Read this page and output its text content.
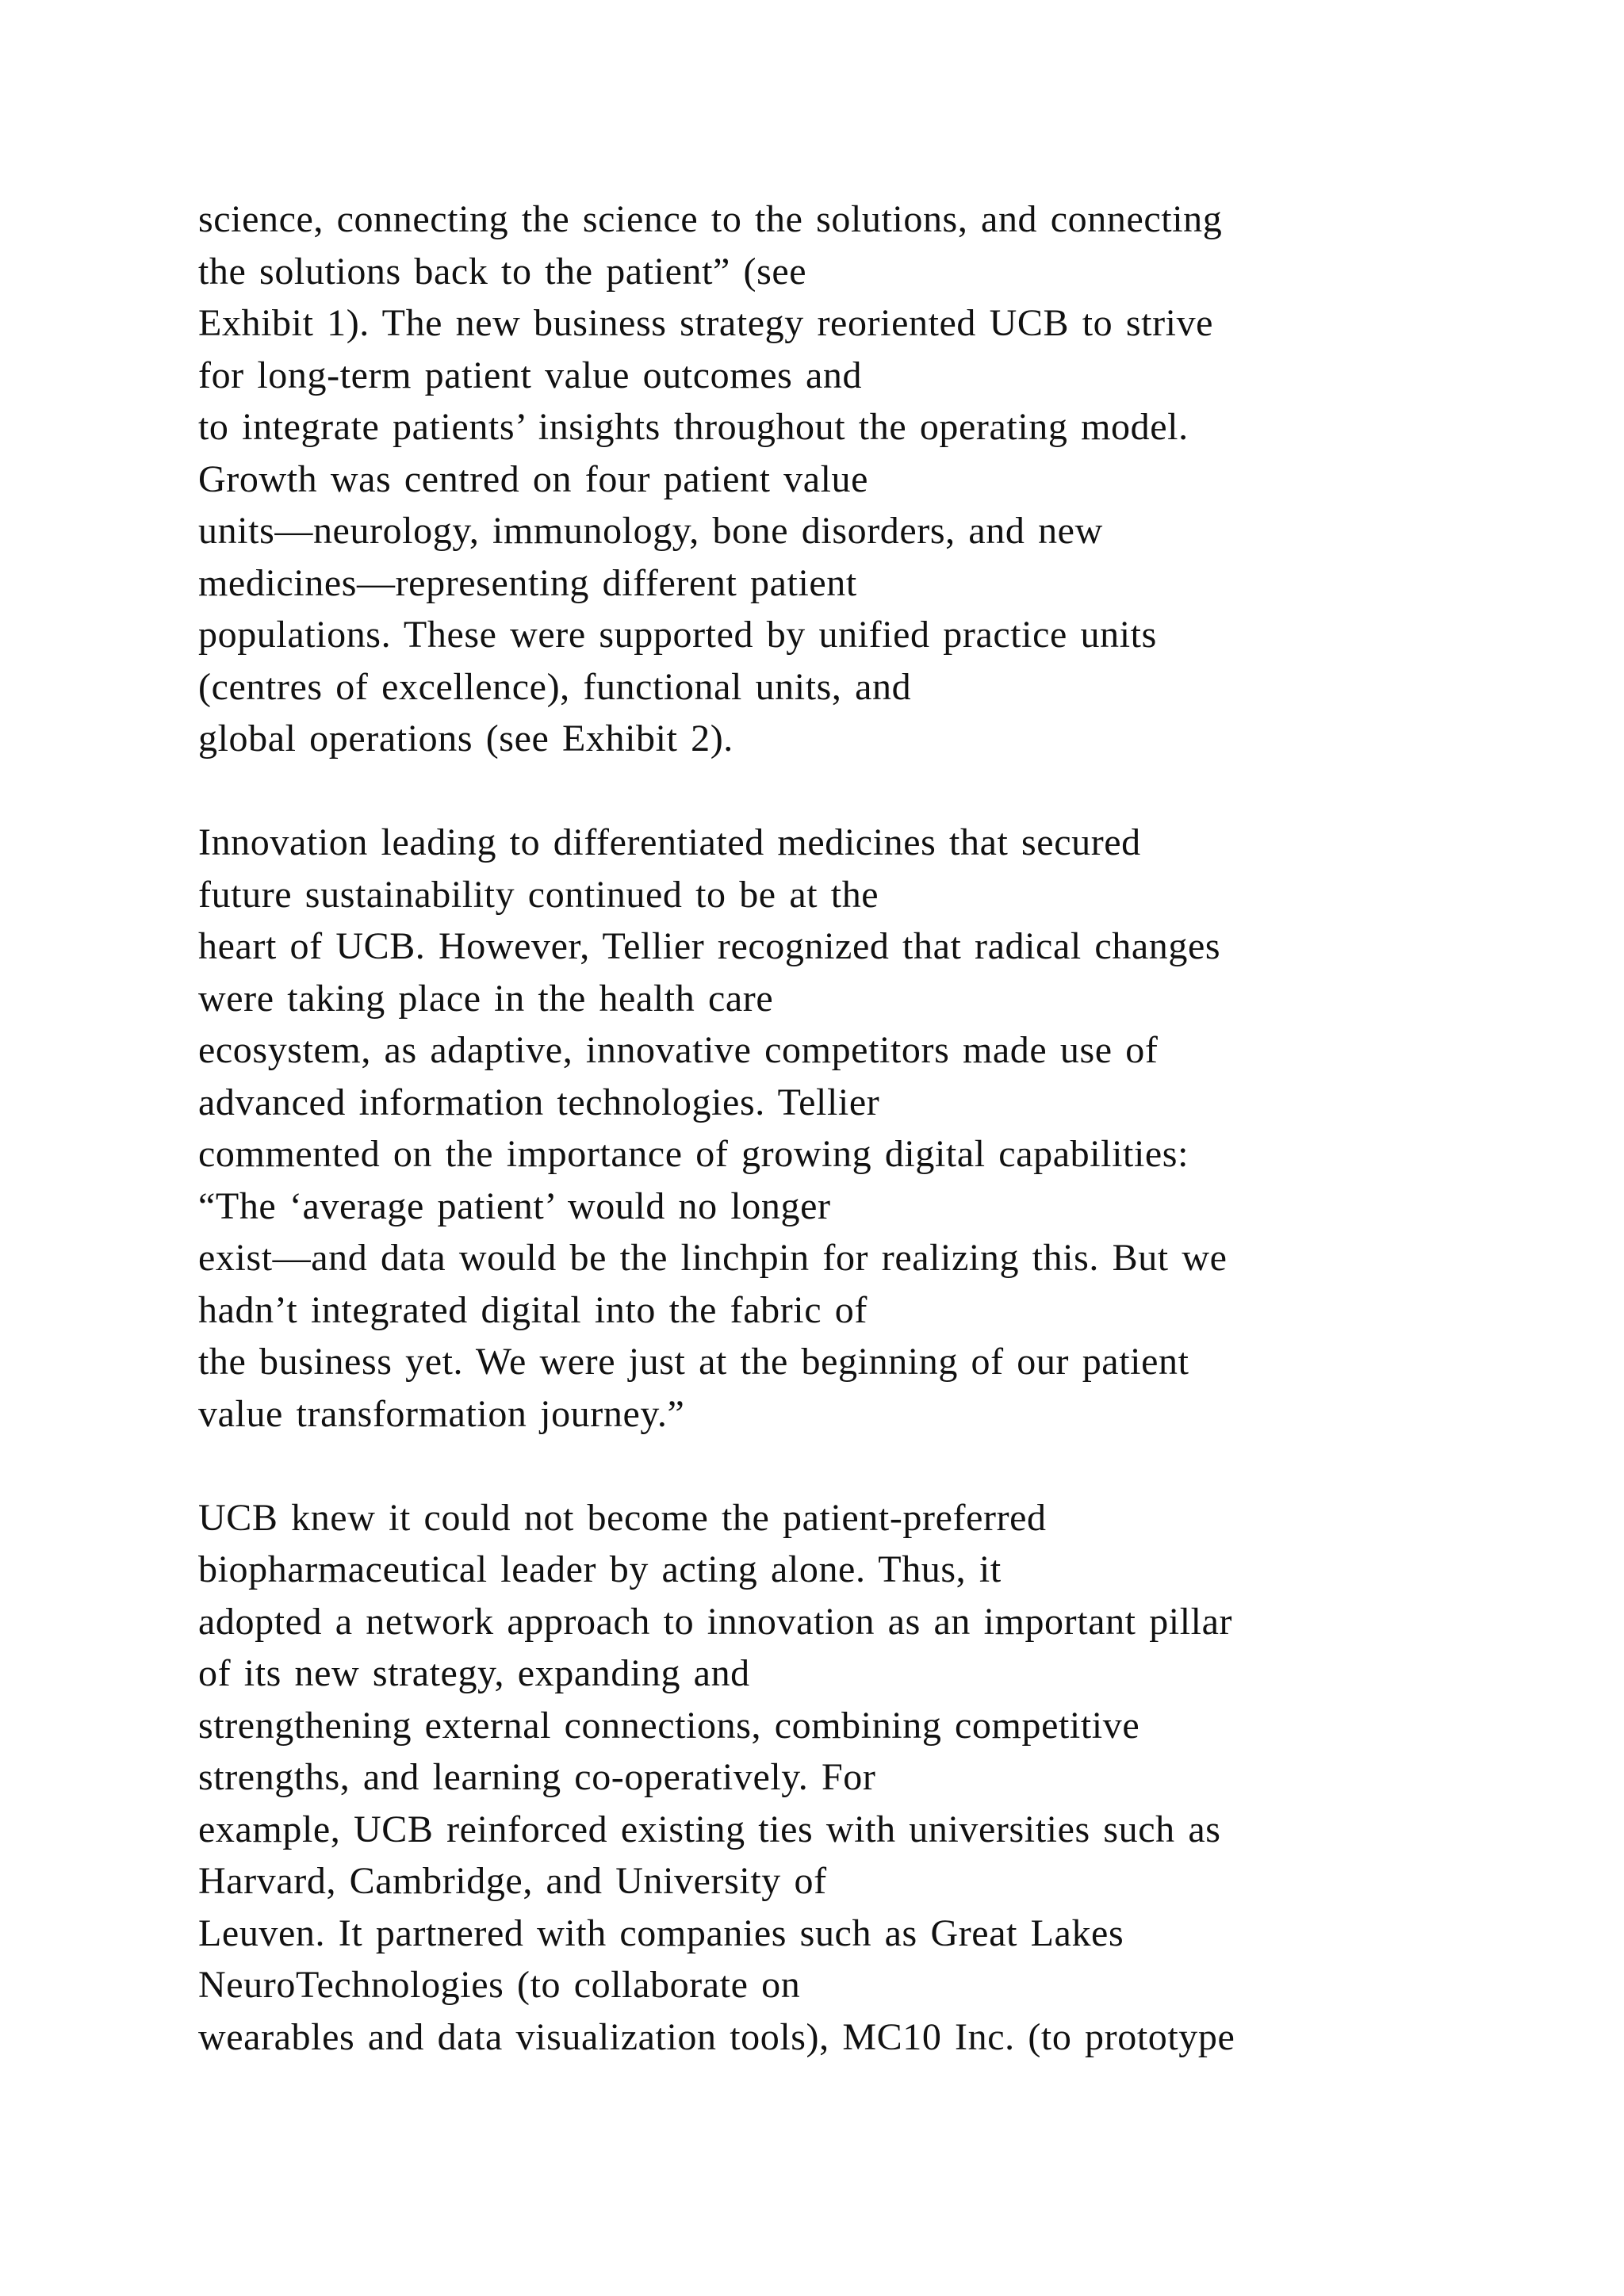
science, connecting the science to the solutions, and connecting
the solutions back to the patient” (see
Exhibit 1). The new business strategy reoriented UCB to strive
for long-term patient value outcomes and
to integrate patients’ insights throughout the operating model.
Growth was centred on four patient value
units—neurology, immunology, bone disorders, and new
medicines—representing different patient
populations. These were supported by unified practice units
(centres of excellence), functional units, and
global operations (see Exhibit 2).
Innovation leading to differentiated medicines that secured
future sustainability continued to be at the
heart of UCB. However, Tellier recognized that radical changes
were taking place in the health care
ecosystem, as adaptive, innovative competitors made use of
advanced information technologies. Tellier
commented on the importance of growing digital capabilities:
“The ‘average patient’ would no longer
exist—and data would be the linchpin for realizing this. But we
hadn’t integrated digital into the fabric of
the business yet. We were just at the beginning of our patient
value transformation journey.”
UCB knew it could not become the patient-preferred
biopharmaceutical leader by acting alone. Thus, it
adopted a network approach to innovation as an important pillar
of its new strategy, expanding and
strengthening external connections, combining competitive
strengths, and learning co-operatively. For
example, UCB reinforced existing ties with universities such as
Harvard, Cambridge, and University of
Leuven. It partnered with companies such as Great Lakes
NeuroTechnologies (to collaborate on
wearables and data visualization tools), MC10 Inc. (to prototype
